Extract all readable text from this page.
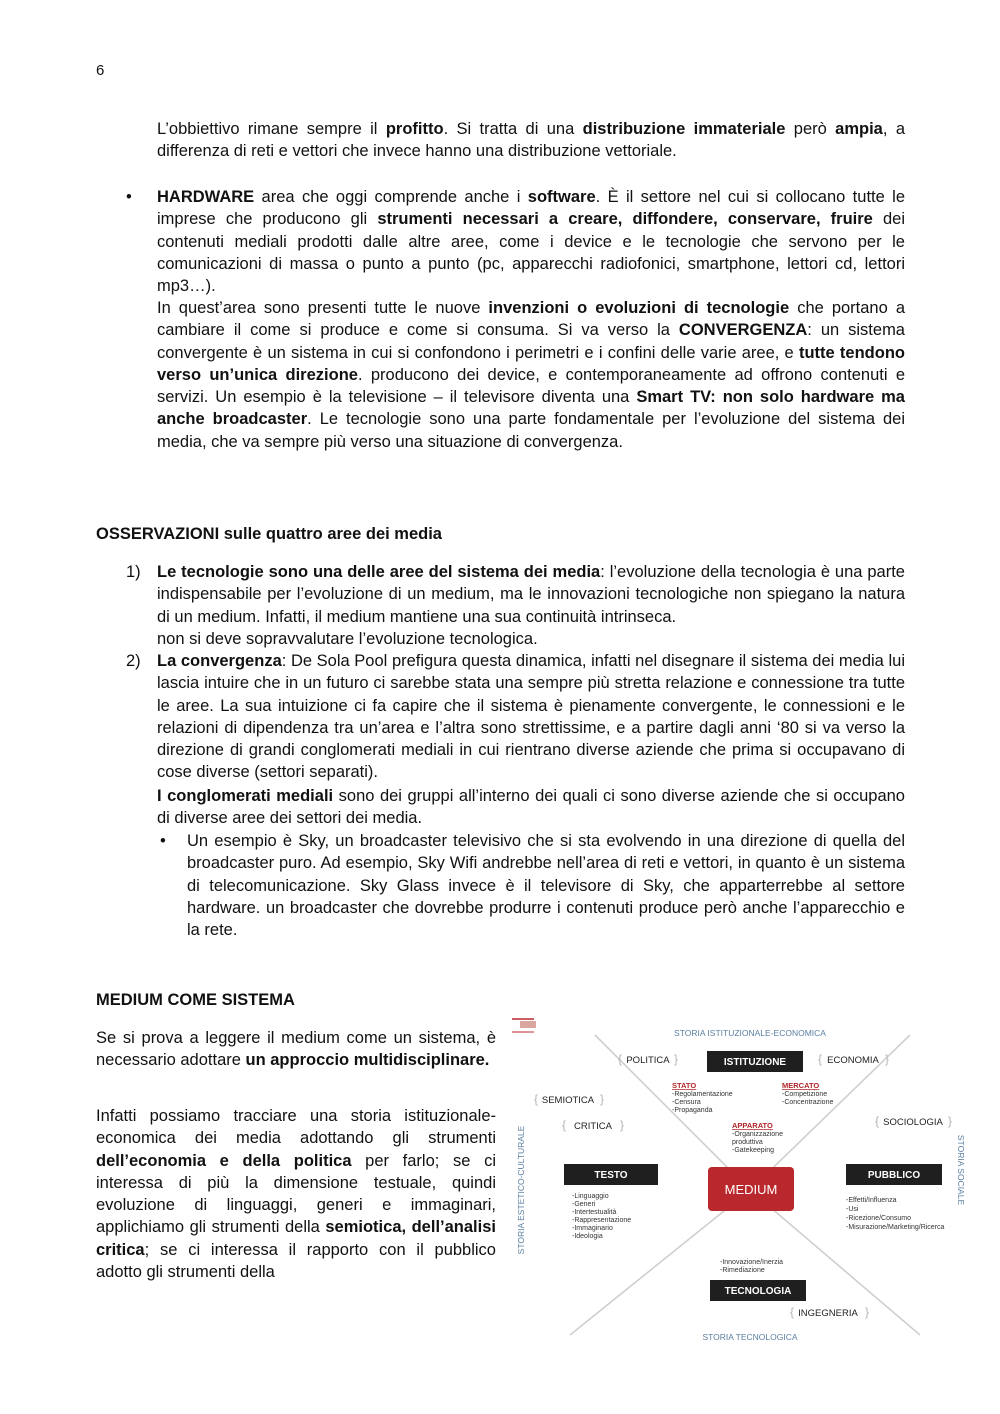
6
L’obbiettivo rimane sempre il profitto. Si tratta di una distribuzione immateriale però ampia, a differenza di reti e vettori che invece hanno una distribuzione vettoriale.
• HARDWARE area che oggi comprende anche i software. È il settore nel cui si collocano tutte le imprese che producono gli strumenti necessari a creare, diffondere, conservare, fruire dei contenuti mediali prodotti dalle altre aree, come i device e le tecnologie che servono per le comunicazioni di massa o punto a punto (pc, apparecchi radiofonici, smartphone, lettori cd, lettori mp3…).
In quest’area sono presenti tutte le nuove invenzioni o evoluzioni di tecnologie che portano a cambiare il come si produce e come si consuma. Si va verso la CONVERGENZA: un sistema convergente è un sistema in cui si confondono i perimetri e i confini delle varie aree, e tutte tendono verso un’unica direzione. producono dei device, e contemporaneamente ad offrono contenuti e servizi. Un esempio è la televisione – il televisore diventa una Smart TV: non solo hardware ma anche broadcaster. Le tecnologie sono una parte fondamentale per l’evoluzione del sistema dei media, che va sempre più verso una situazione di convergenza.
OSSERVAZIONI sulle quattro aree dei media
1) Le tecnologie sono una delle aree del sistema dei media: l’evoluzione della tecnologia è una parte indispensabile per l’evoluzione di un medium, ma le innovazioni tecnologiche non spiegano la natura di un medium. Infatti, il medium mantiene una sua continuità intrinseca.
non si deve sopravvalutare l’evoluzione tecnologica.
2) La convergenza: De Sola Pool prefigura questa dinamica, infatti nel disegnare il sistema dei media lui lascia intuire che in un futuro ci sarebbe stata una sempre più stretta relazione e connessione tra tutte le aree. La sua intuizione ci fa capire che il sistema è pienamente convergente, le connessioni e le relazioni di dipendenza tra un’area e l’altra sono strettissime, e a partire dagli anni ‘80 si va verso la direzione di grandi conglomerati mediali in cui rientrano diverse aziende che prima si occupavano di cose diverse (settori separati).
I conglomerati mediali sono dei gruppi all’interno dei quali ci sono diverse aziende che si occupano di diverse aree dei settori dei media.
• Un esempio è Sky, un broadcaster televisivo che si sta evolvendo in una direzione di quella del broadcaster puro. Ad esempio, Sky Wifi andrebbe nell’area di reti e vettori, in quanto è un sistema di telecomunicazione. Sky Glass invece è il televisore di Sky, che apparterrebbe al settore hardware. un broadcaster che dovrebbe produrre i contenuti produce però anche l’apparecchio e la rete.
MEDIUM COME SISTEMA
Se si prova a leggere il medium come un sistema, è necessario adottare un approccio multidisciplinare.
Infatti possiamo tracciare una storia istituzionale-economica dei media adottando gli strumenti dell’economia e della politica per farlo; se ci interessa di più la dimensione testuale, quindi evoluzione di linguaggi, generi e immaginari, applichiamo gli strumenti della semiotica, dell’analisi critica; se ci interessa il rapporto con il pubblico adotto gli strumenti della
STORIA ISTITUZIONALE-ECONOMICA
STORIA TECNOLOGICA
STORIA ESTETICO-CULTURALE	STORIA SOCIALE
{	}
POLITICA	{	}
ECONOMIA
{	}
SEMIOTICA
{	}
CRITICA	{	}
SOCIOLOGIA
{	}
INGEGNERIA
ISTITUZIONE
TESTO	PUBBLICO
TECNOLOGIA
MEDIUM
STATO
-Regolamentazione
-Censura
-Propaganda
MERCATO
-Competizione
-Concentrazione
APPARATO
-Organizzazione
produttiva
-Gatekeeping
-Linguaggio
-Generi
-Intertestualità
-Rappresentazione
-Immaginario
-Ideologia
-Effetti/Influenza
-Usi
-Ricezione/Consumo
-Misurazione/Marketing/Ricerca
-Innovazione/Inerzia
-Rimediazione
